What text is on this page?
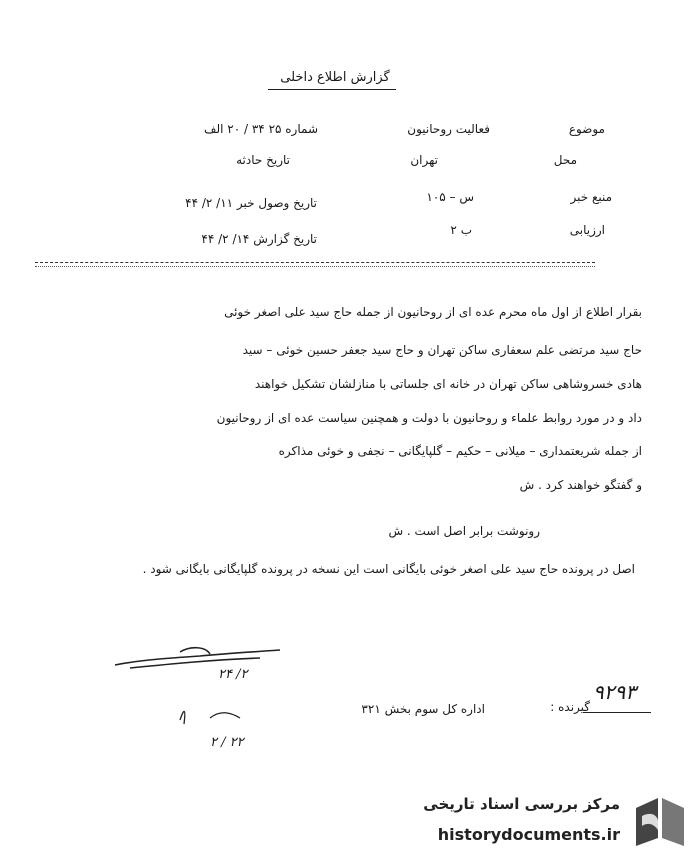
گزارش اطلاع داخلی
موضوع
فعالیت روحانیون
محل
تهران
منبع خبر
س – ۱۰۵
ارزیابی
ب ۲
شماره ۲۵ ۳۴ / ۲۰ الف
تاریخ حادثه
تاریخ وصول خبر ۱۱/ ۲/ ۴۴
تاریخ گزارش ۱۴/ ۲/ ۴۴
بقرار اطلاع از اول ماه محرم عده ای از روحانیون از جمله حاج سید علی اصغر خوئی
حاج سید مرتضی علم سعفاری ساکن تهران و حاج سید جعفر حسین خوئی – سید
هادی خسروشاهی ساکن تهران در خانه ای جلساتی با منازلشان تشکیل خواهند
داد و در مورد روابط علماء و روحانیون با دولت و همچنین سیاست عده ای از روحانیون
از جمله شریعتمداری – میلانی – حکیم – گلپایگانی – نجفی و خوئی مذاکره
و گفتگو خواهند کرد . ش
رونوشت برابر اصل است . ش
اصل در پرونده حاج سید علی اصغر خوئی بایگانی است این نسخه در پرونده گلپایگانی بایگانی شود .
۲/ ۲۴
۲۲ / ۲
اداره کل سوم بخش ۳۲۱	گیرنده :
۹۲۹۳
مرکز بررسی اسناد تاریخی
historydocuments.ir
